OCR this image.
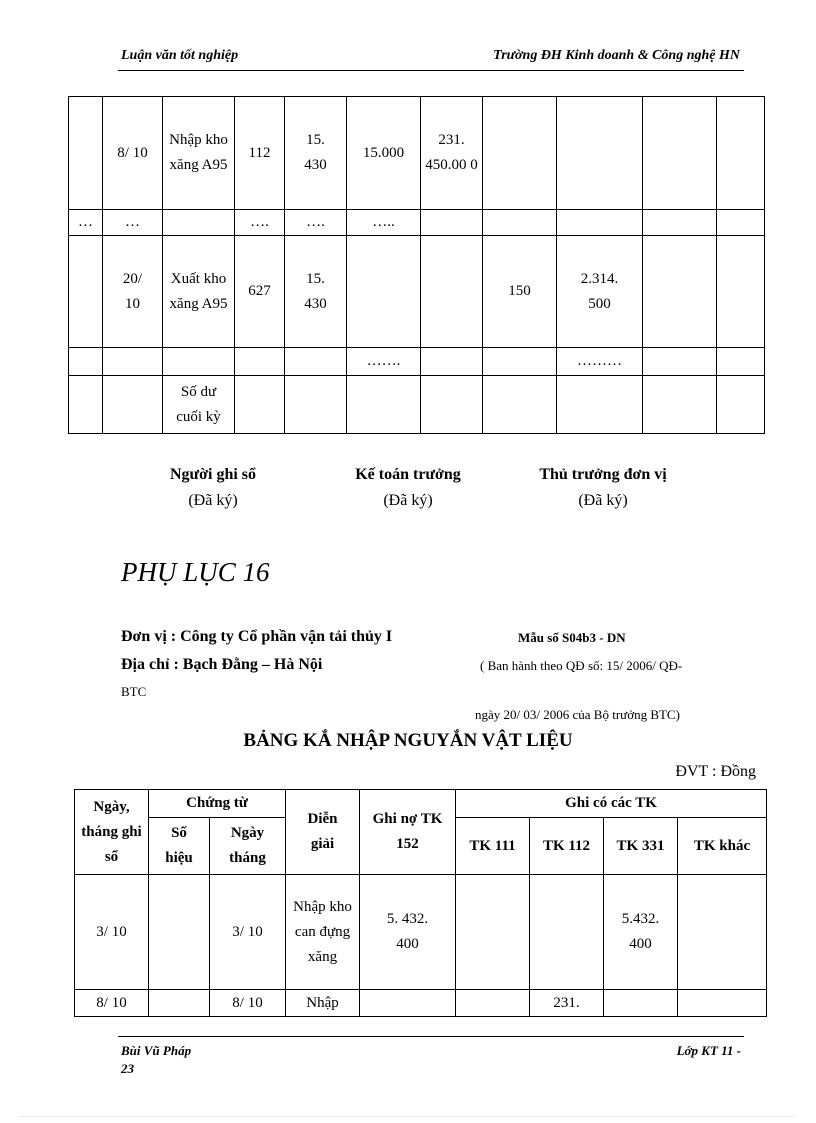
Luận văn tốt nghiệp	Trường ĐH Kinh doanh & Công nghệ HN
	8/ 10	Nhập kho xăng A95	112	15. 430	15.000	231. 450.00 0				
…	…		….	….	…..					
	20/ 10	Xuất kho xăng A95	627	15. 430			150	2.314. 500		
					…….			………		
		Số dư cuối kỳ								
Người ghi sổ
(Đã ký)
Kế toán trưởng
(Đã ký)
Thủ trưởng đơn vị
(Đã ký)
PHỤ LỤC 16
Đơn vị : Công ty Cổ phần vận tải thủy I
Địa chỉ : Bạch Đằng – Hà Nội
BTC
Mẫu số S04b3 - DN
( Ban hành theo QĐ số: 15/ 2006/ QĐ-
ngày 20/ 03/ 2006 của Bộ trưởng BTC)
BẢNG KẮ NHẬP NGUYẮN VẬT LIỆU
ĐVT : Đồng
Ngày, tháng ghi sổ	Chứng từ		Diễn giải	Ghi nợ TK 152	Ghi có các TK			
	Số hiệu	Ngày tháng			TK 111	TK 112	TK 331	TK khác
3/ 10		3/ 10	Nhập kho can đựng xăng	5. 432. 400			5.432. 400	
8/ 10		8/ 10	Nhập			231.		
Bùi Vũ Pháp
23
Lớp KT 11 -
